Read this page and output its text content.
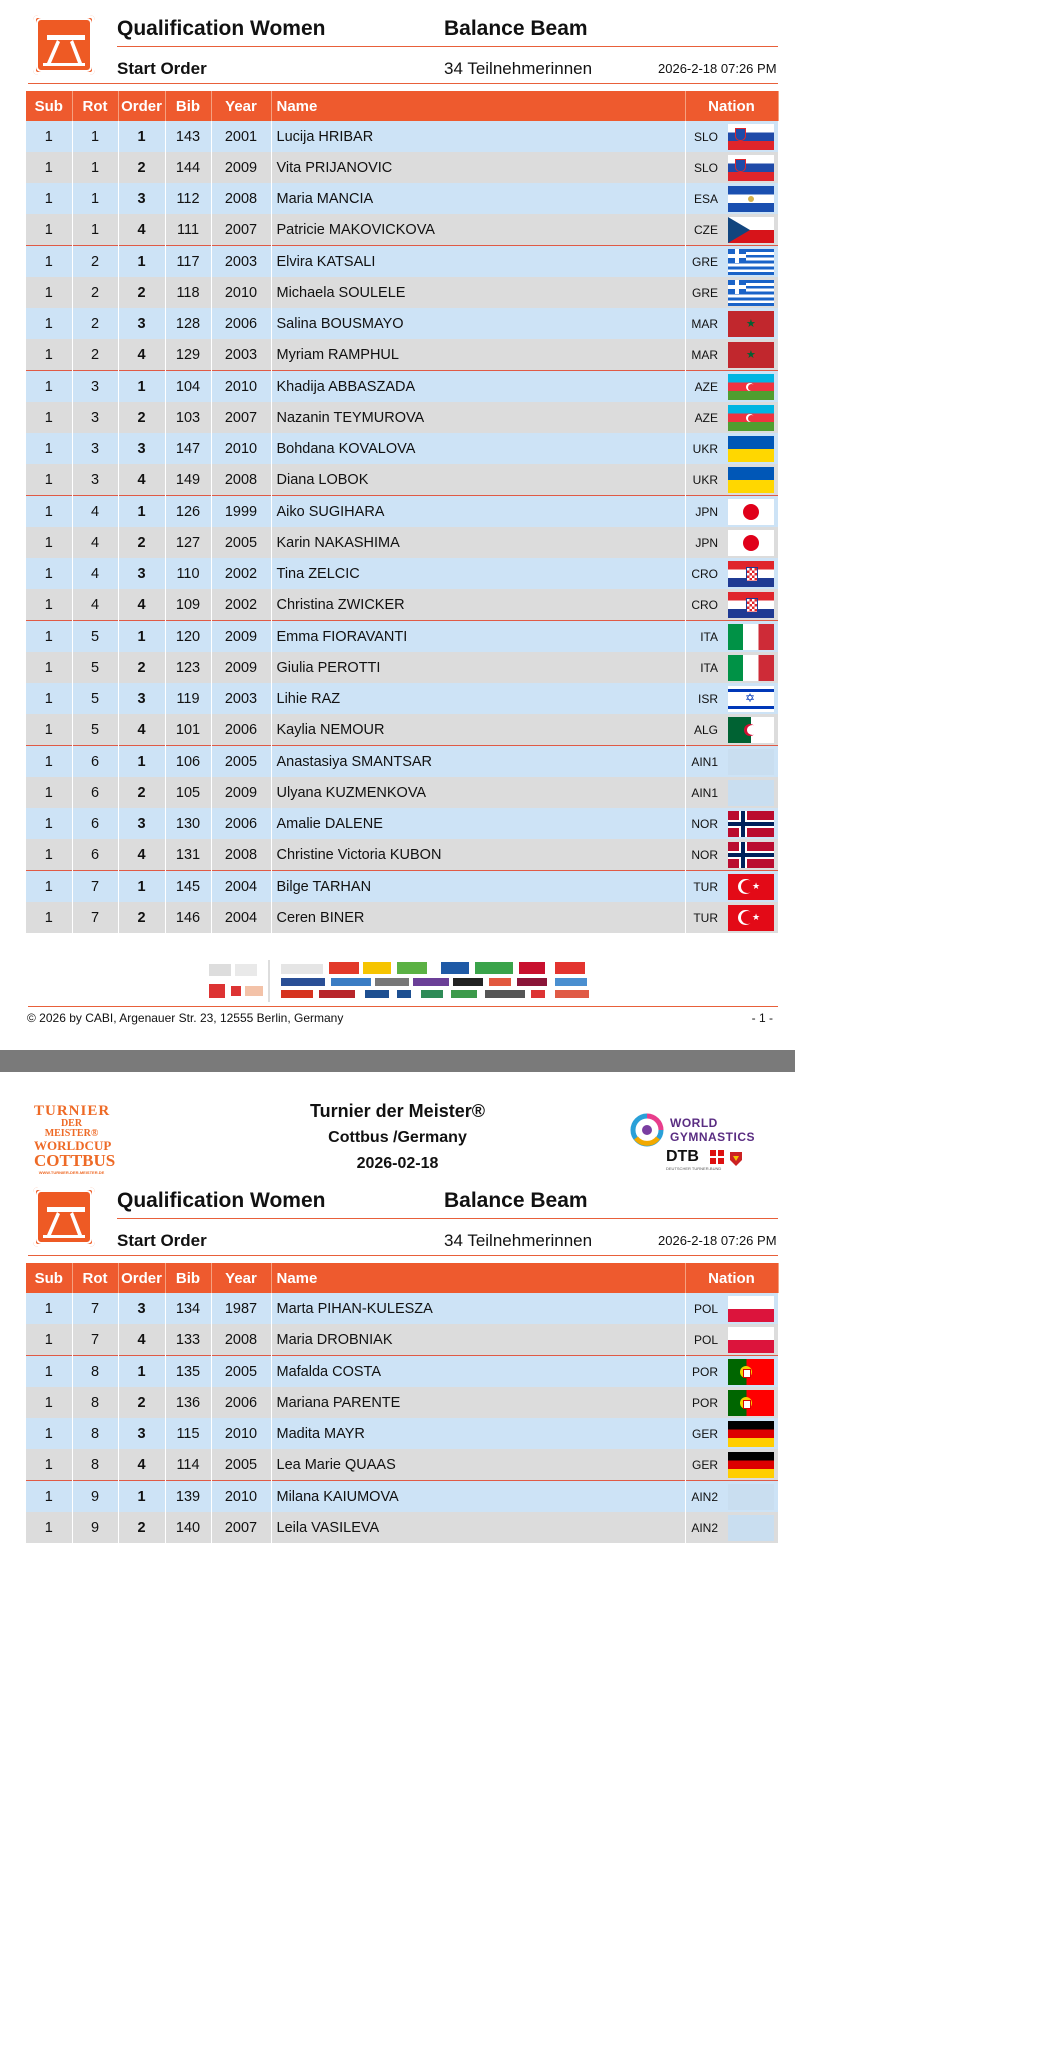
Qualification Women	Balance Beam
Start Order	34 Teilnehmerinnen	2026-2-18 07:26 PM
Sub	Rot	Order	Bib	Year	Name	Nation	
1	1	1	143	2001	Lucija HRIBAR	SLO	

1	1	2	144	2009	Vita PRIJANOVIC	SLO	

1	1	3	112	2008	Maria MANCIA	ESA	

1	1	4	111	2007	Patricie MAKOVICKOVA	CZE	

1	2	1	117	2003	Elvira KATSALI	GRE	

1	2	2	118	2010	Michaela SOULELE	GRE	

1	2	3	128	2006	Salina BOUSMAYO	MAR	★

1	2	4	129	2003	Myriam RAMPHUL	MAR	★

1	3	1	104	2010	Khadija ABBASZADA	AZE	

1	3	2	103	2007	Nazanin TEYMUROVA	AZE	

1	3	3	147	2010	Bohdana KOVALOVA	UKR	

1	3	4	149	2008	Diana LOBOK	UKR	

1	4	1	126	1999	Aiko SUGIHARA	JPN	

1	4	2	127	2005	Karin NAKASHIMA	JPN	

1	4	3	110	2002	Tina ZELCIC	CRO	

1	4	4	109	2002	Christina ZWICKER	CRO	

1	5	1	120	2009	Emma FIORAVANTI	ITA	

1	5	2	123	2009	Giulia PEROTTI	ITA	

1	5	3	119	2003	Lihie RAZ	ISR	✡

1	5	4	101	2006	Kaylia NEMOUR	ALG	

1	6	1	106	2005	Anastasiya SMANTSAR	AIN1	

1	6	2	105	2009	Ulyana KUZMENKOVA	AIN1	

1	6	3	130	2006	Amalie DALENE	NOR	

1	6	4	131	2008	Christine Victoria KUBON	NOR	

1	7	1	145	2004	Bilge TARHAN	TUR	★

1	7	2	146	2004	Ceren BINER	TUR	★
© 2026 by CABI, Argenauer Str. 23, 12555 Berlin, Germany	- 1 -
TURNIER
DER MEISTER®
WORLDCUP
COTTBUS
WWW.TURNIER-DER-MEISTER.DE
Turnier der Meister®
Cottbus /Germany
2026-02-18
WORLD
GYMNASTICS
DTB
DEUTSCHER TURNER-BUND
Qualification Women	Balance Beam
Start Order	34 Teilnehmerinnen	2026-2-18 07:26 PM
Sub	Rot	Order	Bib	Year	Name	Nation	
1	7	3	134	1987	Marta PIHAN-KULESZA	POL	

1	7	4	133	2008	Maria DROBNIAK	POL	

1	8	1	135	2005	Mafalda COSTA	POR	

1	8	2	136	2006	Mariana PARENTE	POR	

1	8	3	115	2010	Madita MAYR	GER	

1	8	4	114	2005	Lea Marie QUAAS	GER	

1	9	1	139	2010	Milana KAIUMOVA	AIN2	

1	9	2	140	2007	Leila VASILEVA	AIN2	
